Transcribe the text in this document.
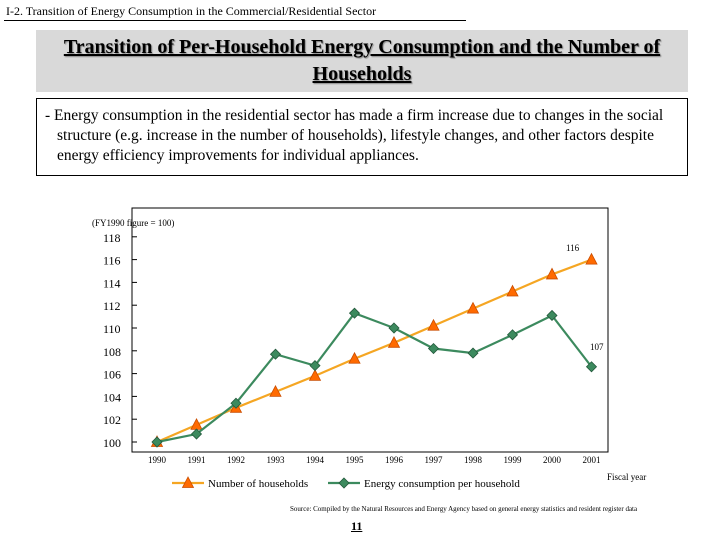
I-2. Transition of Energy Consumption in the Commercial/Residential Sector
Transition of Per-Household Energy Consumption and the Number of Households
- Energy consumption in the residential sector has made a firm increase due to changes in the social structure (e.g. increase in the number of households), lifestyle changes, and other factors despite energy efficiency improvements for individual appliances.
(FY1990 figure = 100)
100
102
104
106
108
110
112
114
116
118
1990 1991 1992 1993 1994 1995 1996 1997 1998 1999 2000 2001
116
107
Number of households	Energy consumption per household
Fiscal year
Source: Compiled by the Natural Resources and Energy Agency based on general energy statistics and resident register data
11
